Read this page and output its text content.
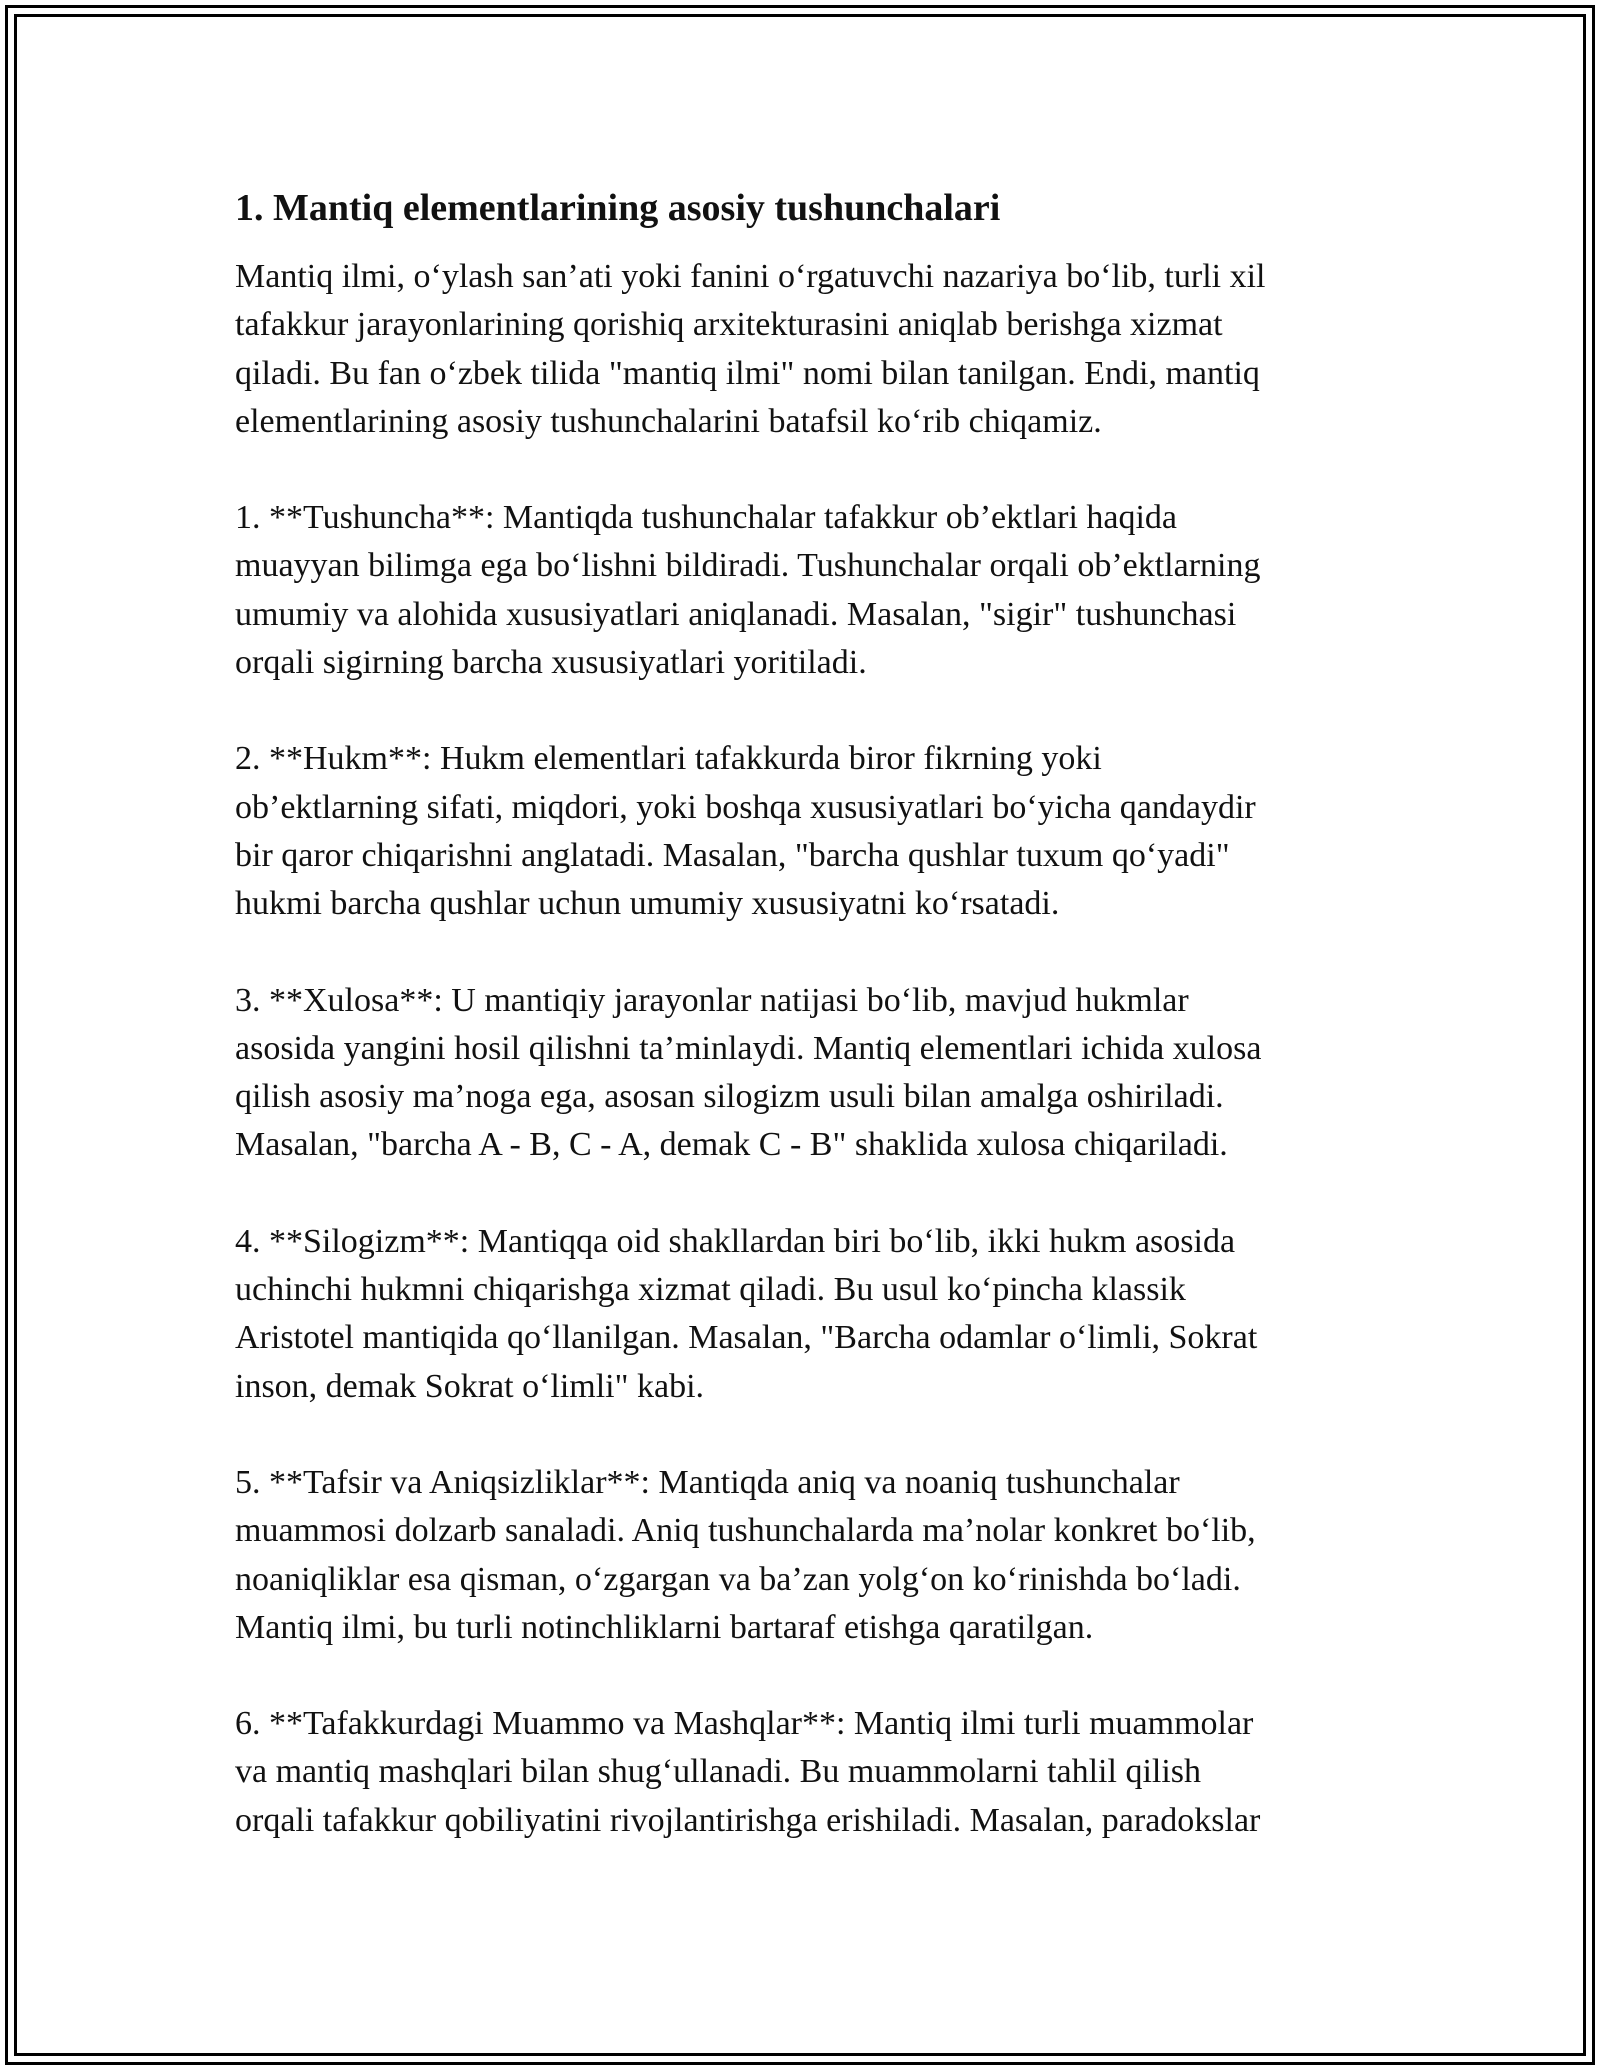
1. Mantiq elementlarining asosiy tushunchalari
Mantiq ilmi, o‘ylash san’ati yoki fanini o‘rgatuvchi nazariya bo‘lib, turli xil
tafakkur jarayonlarining qorishiq arxitekturasini aniqlab berishga xizmat
qiladi. Bu fan o‘zbek tilida "mantiq ilmi" nomi bilan tanilgan. Endi, mantiq
elementlarining asosiy tushunchalarini batafsil ko‘rib chiqamiz.
1. **Tushuncha**: Mantiqda tushunchalar tafakkur ob’ektlari haqida
muayyan bilimga ega bo‘lishni bildiradi. Tushunchalar orqali ob’ektlarning
umumiy va alohida xususiyatlari aniqlanadi. Masalan, "sigir" tushunchasi
orqali sigirning barcha xususiyatlari yoritiladi.
2. **Hukm**: Hukm elementlari tafakkurda biror fikrning yoki
ob’ektlarning sifati, miqdori, yoki boshqa xususiyatlari bo‘yicha qandaydir
bir qaror chiqarishni anglatadi. Masalan, "barcha qushlar tuxum qo‘yadi"
hukmi barcha qushlar uchun umumiy xususiyatni ko‘rsatadi.
3. **Xulosa**: U mantiqiy jarayonlar natijasi bo‘lib, mavjud hukmlar
asosida yangini hosil qilishni ta’minlaydi. Mantiq elementlari ichida xulosa
qilish asosiy ma’noga ega, asosan silogizm usuli bilan amalga oshiriladi.
Masalan, "barcha A - B, C - A, demak C - B" shaklida xulosa chiqariladi.
4. **Silogizm**: Mantiqqa oid shakllardan biri bo‘lib, ikki hukm asosida
uchinchi hukmni chiqarishga xizmat qiladi. Bu usul ko‘pincha klassik
Aristotel mantiqida qo‘llanilgan. Masalan, "Barcha odamlar o‘limli, Sokrat
inson, demak Sokrat o‘limli" kabi.
5. **Tafsir va Aniqsizliklar**: Mantiqda aniq va noaniq tushunchalar
muammosi dolzarb sanaladi. Aniq tushunchalarda ma’nolar konkret bo‘lib,
noaniqliklar esa qisman, o‘zgargan va ba’zan yolg‘on ko‘rinishda bo‘ladi.
Mantiq ilmi, bu turli notinchliklarni bartaraf etishga qaratilgan.
6. **Tafakkurdagi Muammo va Mashqlar**: Mantiq ilmi turli muammolar
va mantiq mashqlari bilan shug‘ullanadi. Bu muammolarni tahlil qilish
orqali tafakkur qobiliyatini rivojlantirishga erishiladi. Masalan, paradokslar
